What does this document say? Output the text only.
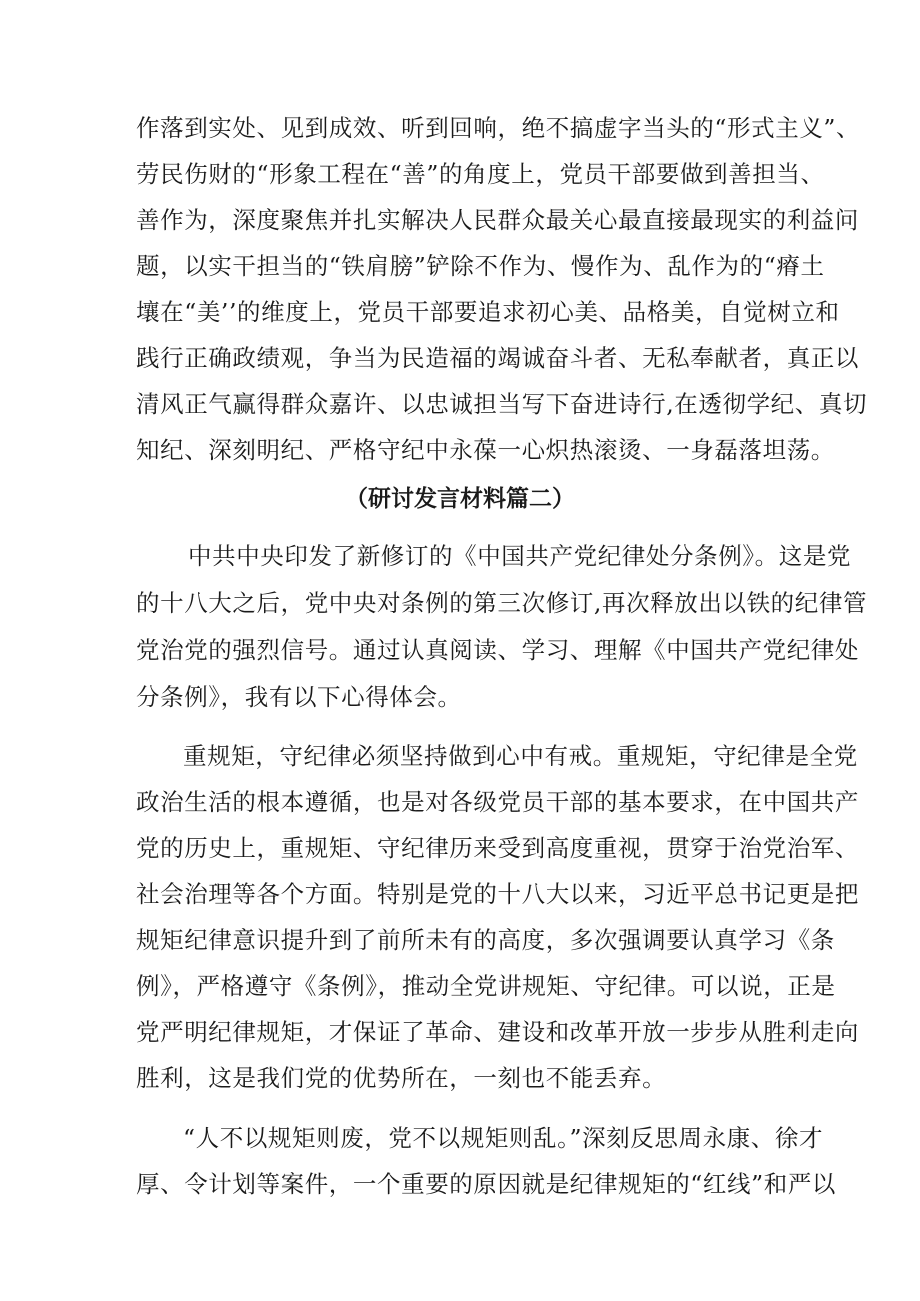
作落到实处、见到成效、听到回响，绝不搞虚字当头的“形式主义”、
劳民伤财的“形象工程在“善”的角度上，党员干部要做到善担当、
善作为，深度聚焦并扎实解决人民群众最关心最直接最现实的利益问
题，以实干担当的“铁肩膀”铲除不作为、慢作为、乱作为的“瘠土
壤在“美’’的维度上，党员干部要追求初心美、品格美，自觉树立和
践行正确政绩观，争当为民造福的竭诚奋斗者、无私奉献者，真正以
清风正气赢得群众嘉许、以忠诚担当写下奋进诗行,在透彻学纪、真切
知纪、深刻明纪、严格守纪中永葆一心炽热滚烫、一身磊落坦荡。
（研讨发言材料篇二）
中共中央印发了新修订的《中国共产党纪律处分条例》。这是党
的十八大之后，党中央对条例的第三次修订,再次释放出以铁的纪律管
党治党的强烈信号。通过认真阅读、学习、理解《中国共产党纪律处
分条例》，我有以下心得体会。
重规矩，守纪律必须坚持做到心中有戒。重规矩，守纪律是全党
政治生活的根本遵循，也是对各级党员干部的基本要求，在中国共产
党的历史上，重规矩、守纪律历来受到高度重视，贯穿于治党治军、
社会治理等各个方面。特别是党的十八大以来，习近平总书记更是把
规矩纪律意识提升到了前所未有的高度，多次强调要认真学习《条
例》，严格遵守《条例》，推动全党讲规矩、守纪律。可以说，正是
党严明纪律规矩，才保证了革命、建设和改革开放一步步从胜利走向
胜利，这是我们党的优势所在，一刻也不能丢弃。
“人不以规矩则废，党不以规矩则乱。”深刻反思周永康、徐才
厚、令计划等案件，一个重要的原因就是纪律规矩的“红线”和严以
